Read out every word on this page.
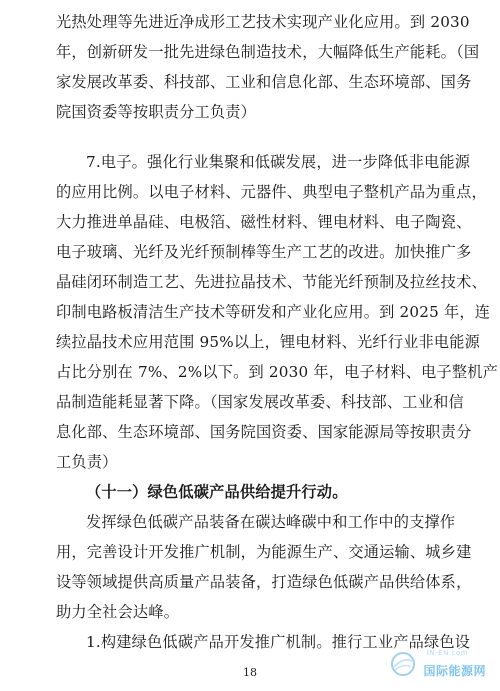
光热处理等先进近净成形工艺技术实现产业化应用。到 2030
年，创新研发一批先进绿色制造技术，大幅降低生产能耗。（国
家发展改革委、科技部、工业和信息化部、生态环境部、国务
院国资委等按职责分工负责）
7.电子。强化行业集聚和低碳发展，进一步降低非电能源
的应用比例。以电子材料、元器件、典型电子整机产品为重点，
大力推进单晶硅、电极箔、磁性材料、锂电材料、电子陶瓷、
电子玻璃、光纤及光纤预制棒等生产工艺的改进。加快推广多
晶硅闭环制造工艺、先进拉晶技术、节能光纤预制及拉丝技术、
印制电路板清洁生产技术等研发和产业化应用。到 2025 年，连
续拉晶技术应用范围 95%以上，锂电材料、光纤行业非电能源
占比分别在 7%、2%以下。到 2030 年，电子材料、电子整机产
品制造能耗显著下降。（国家发展改革委、科技部、工业和信
息化部、生态环境部、国务院国资委、国家能源局等按职责分
工负责）
（十一）绿色低碳产品供给提升行动。
发挥绿色低碳产品装备在碳达峰碳中和工作中的支撑作
用，完善设计开发推广机制，为能源生产、交通运输、城乡建
设等领域提供高质量产品装备，打造绿色低碳产品供给体系，
助力全社会达峰。
1.构建绿色低碳产品开发推广机制。推行工业产品绿色设
18
IN-EN.com
国际能源网
